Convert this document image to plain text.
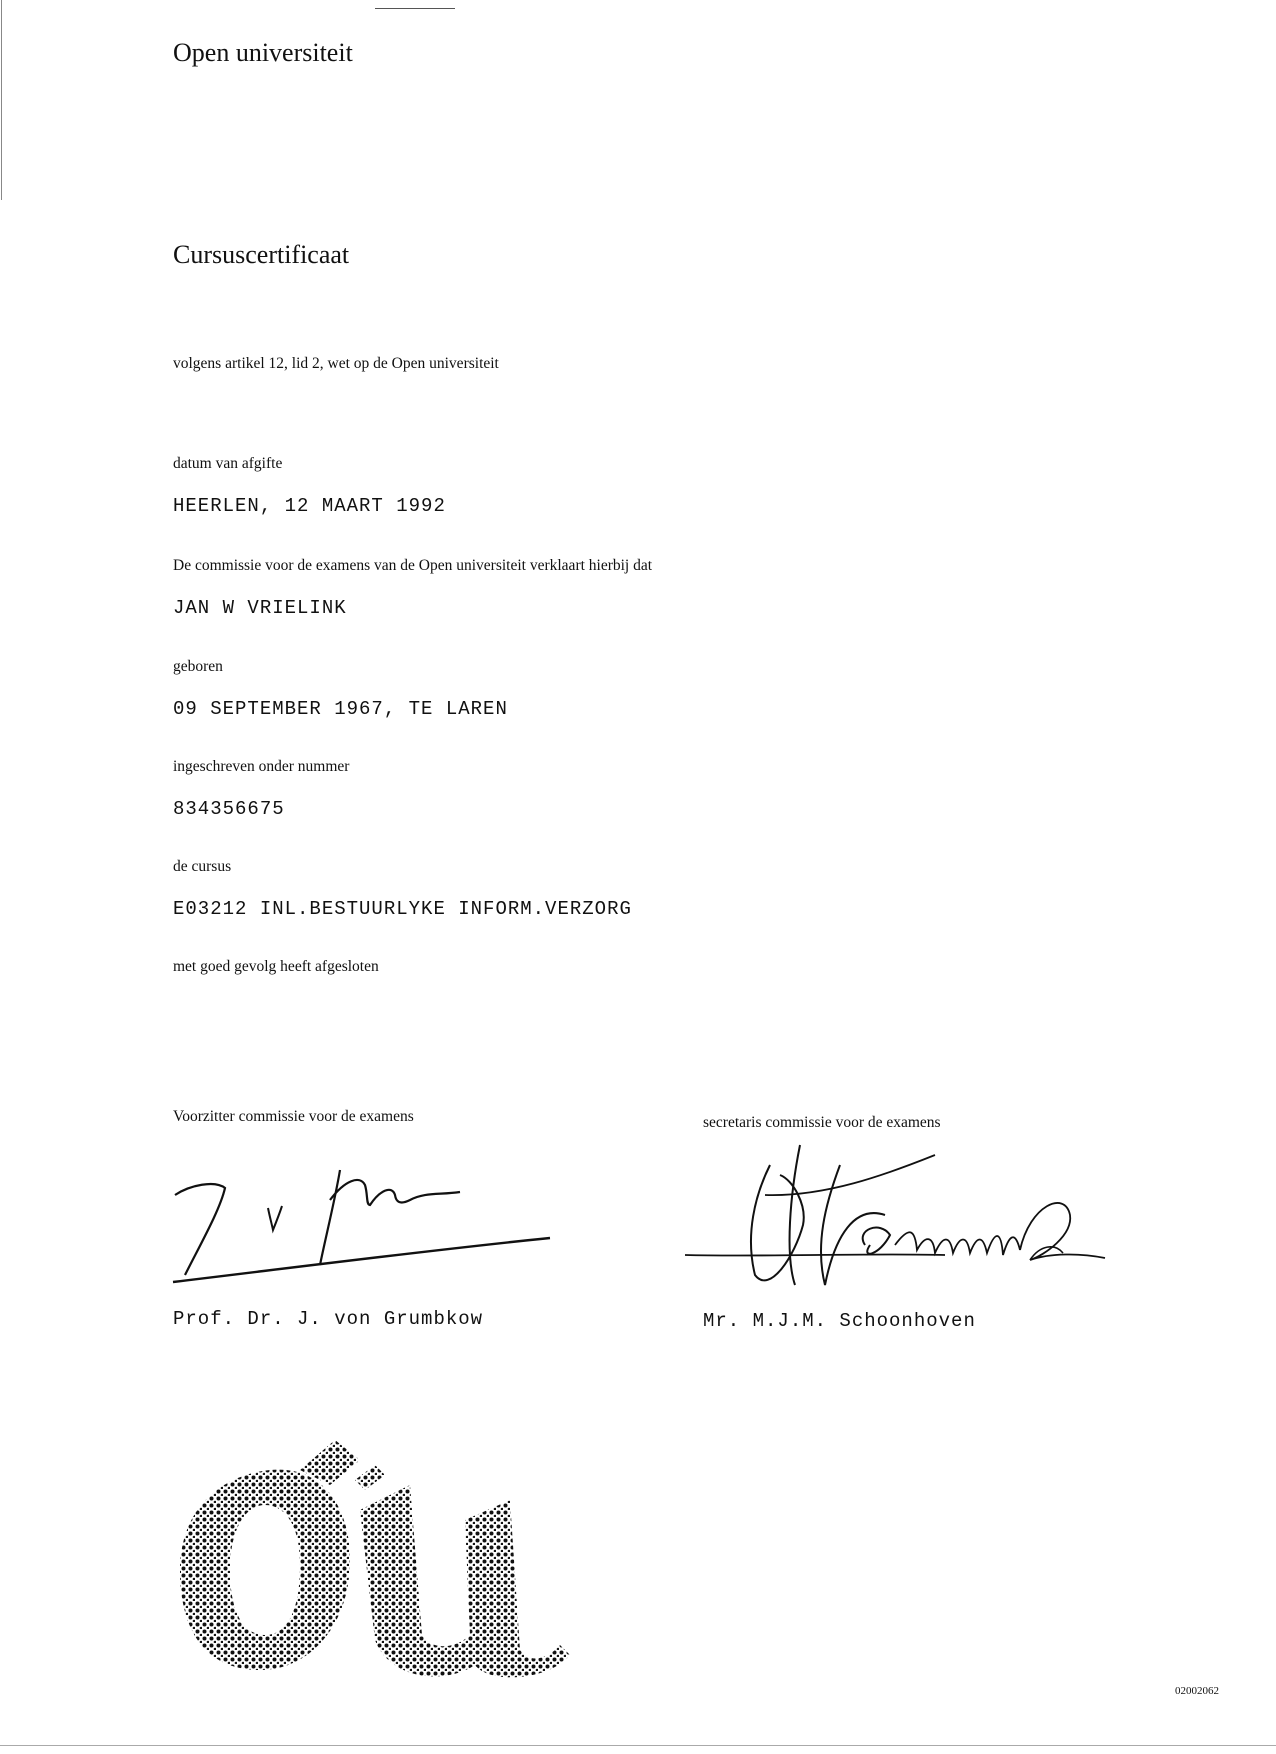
Open universiteit
Cursuscertificaat
volgens artikel 12, lid 2, wet op de Open universiteit
datum van afgifte
HEERLEN, 12 MAART 1992
De commissie voor de examens van de Open universiteit verklaart hierbij dat
JAN W VRIELINK
geboren
09 SEPTEMBER 1967, TE LAREN
ingeschreven onder nummer
834356675
de cursus
E03212 INL.BESTUURLYKE INFORM.VERZORG
met goed gevolg heeft afgesloten
Voorzitter commissie voor de examens	secretaris commissie voor de examens
Prof. Dr. J. von Grumbkow	Mr. M.J.M. Schoonhoven
02002062
